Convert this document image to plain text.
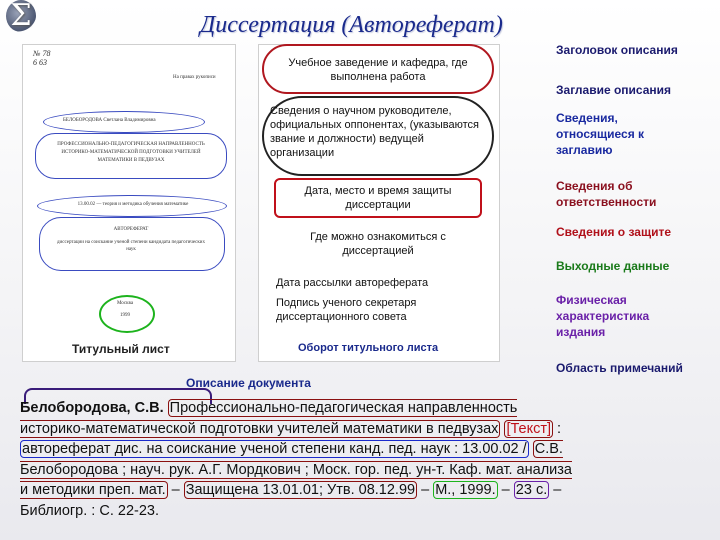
Σ	Диссертация (Автореферат)
№ 78
6 63
На правах рукописи
БЕЛОБОРОДОВА Светлана Владимировна
ПРОФЕССИОНАЛЬНО-ПЕДАГОГИЧЕСКАЯ НАПРАВЛЕННОСТЬ ИСТОРИКО-МАТЕМАТИЧЕСКОЙ ПОДГОТОВКИ УЧИТЕЛЕЙ МАТЕМАТИКИ В ПЕДВУЗАХ
13.00.02 — теория и методика обучения математике
АВТОРЕФЕРАТ
диссертации на соискание ученой степени кандидата педагогических наук
Москва
1999
Титульный лист
Учебное заведение и кафедра, где выполнена работа
Сведения о научном руководителе, официальных оппонентах, (указываются звание и должности) ведущей организации
Дата, место и время защиты диссертации
Где можно ознакомиться с диссертацией
Дата рассылки автореферата
Подпись ученого секретаря диссертационного совета
Оборот титульного листа
Заголовок описания
Заглавие описания
Сведения, относящиеся к заглавию
Сведения об ответственности
Сведения о защите
Выходные данные
Физическая характеристика издания
Область примечаний
Описание документа
Белобородова, С.В. Профессионально-педагогическая направленность историко-математической подготовки учителей математики в педвузах [Текст] : автореферат дис. на соискание ученой степени канд. пед. наук : 13.00.02 / С.В. Белобородова ; науч. рук. А.Г. Мордкович ; Моск. гор. пед. ун-т. Каф. мат. анализа и методики преп. мат. – Защищена 13.01.01; Утв. 08.12.99 – М., 1999. – 23 с. – Библиогр. : С. 22-23.
